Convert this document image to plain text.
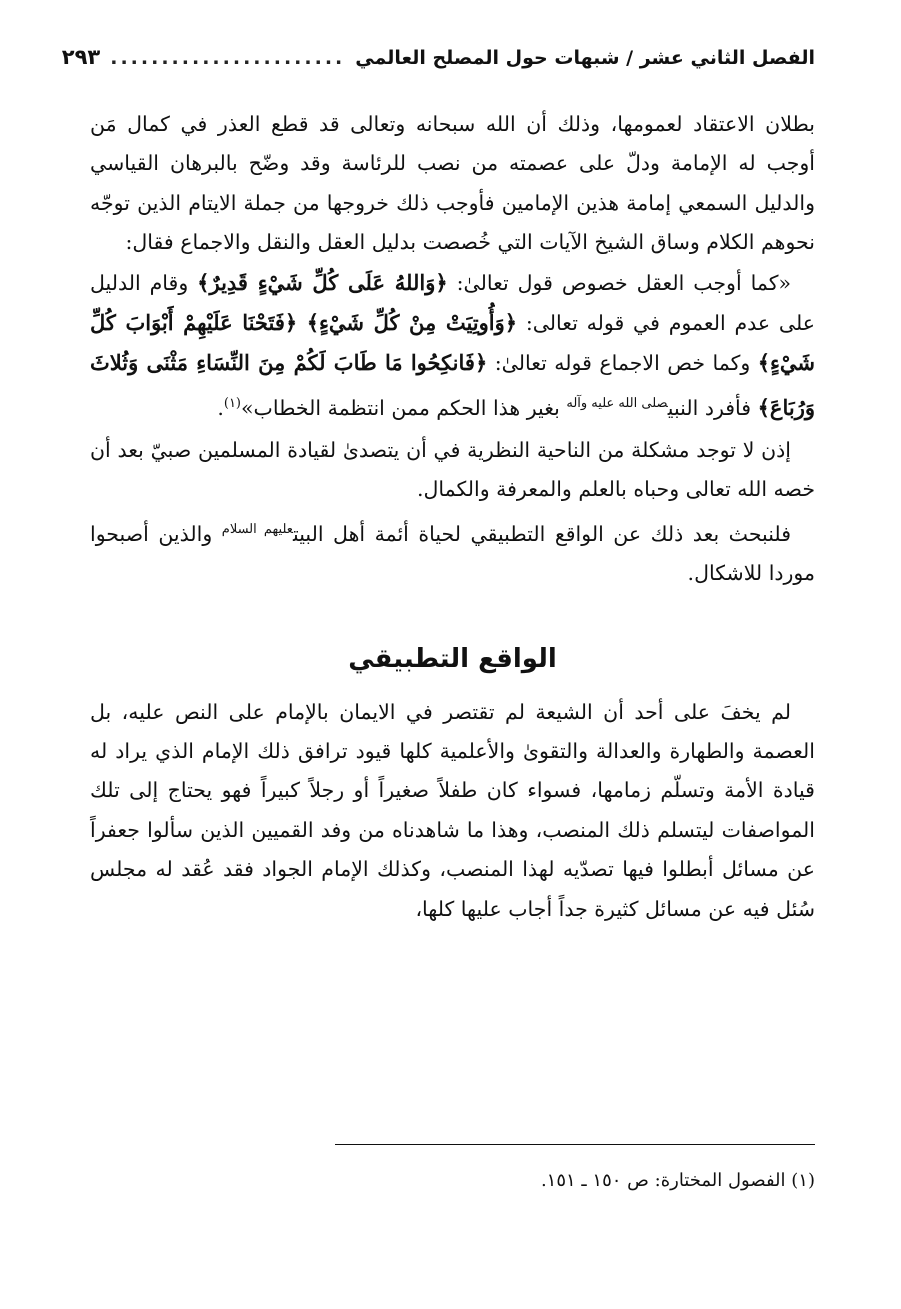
الفصل الثاني عشر / شبهات حول المصلح العالمي
.......................
٢٩٣

بطلان الاعتقاد لعمومها، وذلك أن الله سبحانه وتعالى قد قطع العذر في كمال مَن أوجب له الإمامة ودلّ على عصمته من نصب للرئاسة وقد وضّح بالبرهان القياسي والدليل السمعي إمامة هذين الإمامين فأوجب ذلك خروجها من جملة الايتام الذين توجّه نحوهم الكلام وساق الشيخ الآيات التي خُصصت بدليل العقل والنقل والاجماع فقال:

«كما أوجب العقل خصوص قول تعالىٰ: ﴿وَاللهُ عَلَى كُلِّ شَيْءٍ قَدِيرٌ﴾ وقام الدليل على عدم العموم في قوله تعالى: ﴿وَأُوتِيَتْ مِنْ كُلِّ شَيْءٍ﴾ ﴿فَتَحْنَا عَلَيْهِمْ أَبْوَابَ كُلِّ شَيْءٍ﴾ وكما خص الاجماع قوله تعالىٰ: ﴿فَانكِحُوا مَا طَابَ لَكُمْ مِنَ النِّسَاءِ مَثْنَى وَثُلاثَ وَرُبَاعَ﴾ فأفرد النبي$^{صلى الله عليه وآله}$ بغير هذا الحكم ممن انتظمة الخطاب»$^{(١)}$.

إذن لا توجد مشكلة من الناحية النظرية في أن يتصدىٰ لقيادة المسلمين صبيّ بعد أن خصه الله تعالى وحباه بالعلم والمعرفة والكمال.

فلنبحث بعد ذلك عن الواقع التطبيقي لحياة أئمة أهل البيت$^{عليهم السلام}$ والذين أصبحوا موردا للاشكال.

الواقع التطبيقي

لم يخفَ على أحد أن الشيعة لم تقتصر في الايمان بالإمام على النص عليه، بل العصمة والطهارة والعدالة والتقوىٰ والأعلمية كلها قيود ترافق ذلك الإمام الذي يراد له قيادة الأمة وتسلّم زمامها، فسواء كان طفلاً صغيراً أو رجلاً كبيراً فهو يحتاج إلى تلك المواصفات ليتسلم ذلك المنصب، وهذا ما شاهدناه من وفد القميين الذين سألوا جعفراً عن مسائل أبطلوا فيها تصدّيه لهذا المنصب، وكذلك الإمام الجواد فقد عُقد له مجلس سُئل فيه عن مسائل كثيرة جداً أجاب عليها كلها،

(١) الفصول المختارة: ص ١٥٠ ـ ١٥١.
